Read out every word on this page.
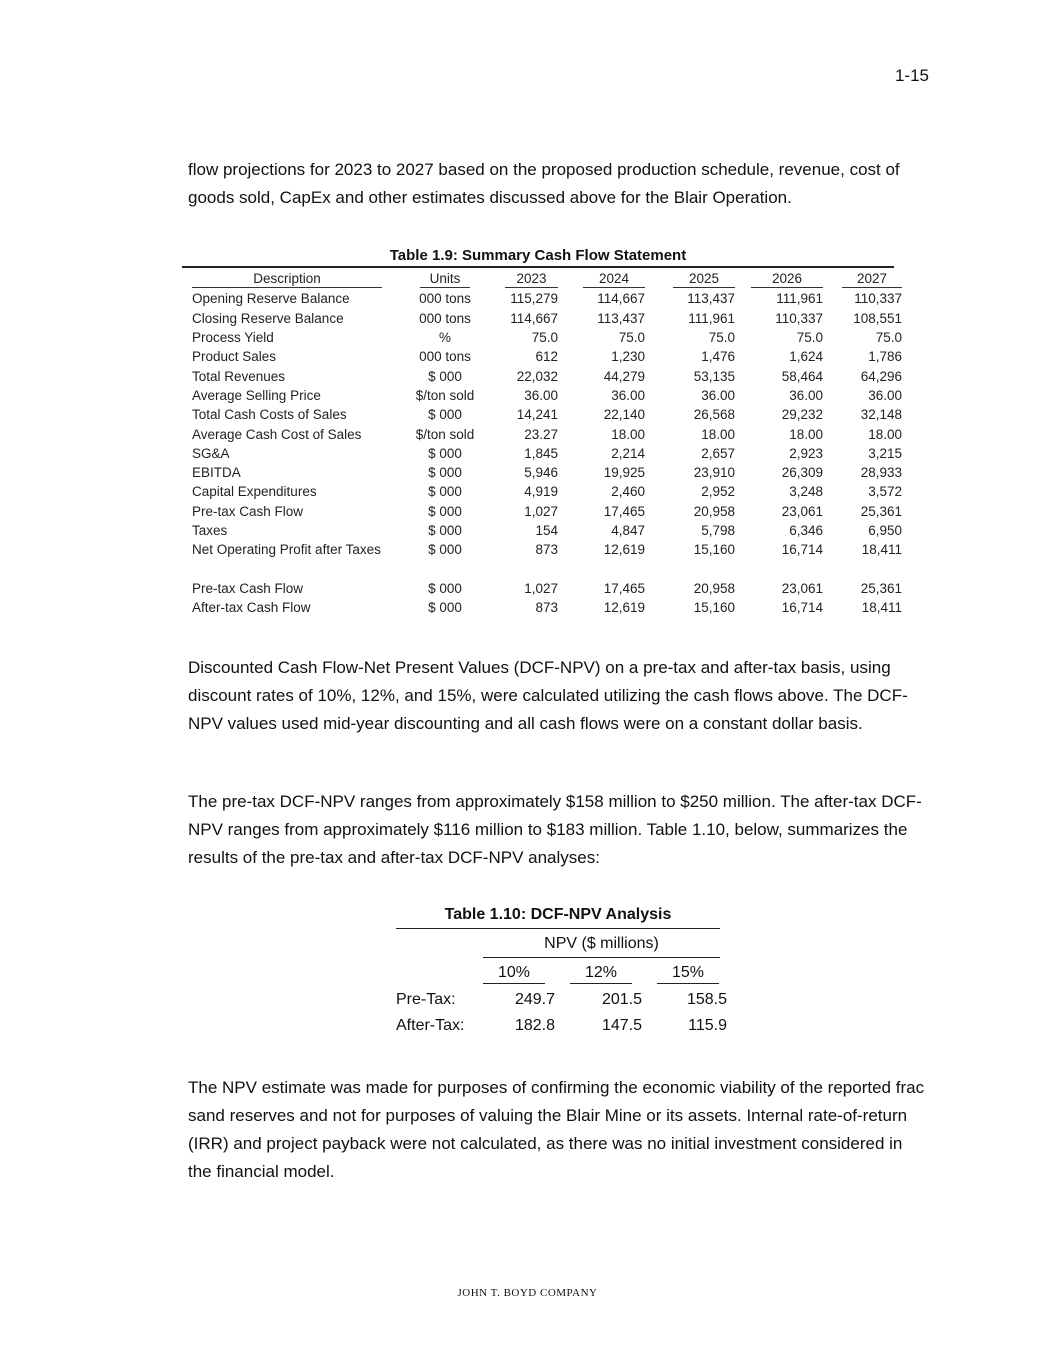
1-15
flow projections for 2023 to 2027 based on the proposed production schedule, revenue, cost of goods sold, CapEx and other estimates discussed above for the Blair Operation.
Table 1.9: Summary Cash Flow Statement
Description	Units	2023	2024	2025	2026	2027
Opening Reserve Balance	000 tons	115,279	114,667	113,437	111,961	110,337
Closing Reserve Balance	000 tons	114,667	113,437	111,961	110,337	108,551
Process Yield	%	75.0	75.0	75.0	75.0	75.0
Product Sales	000 tons	612	1,230	1,476	1,624	1,786
Total Revenues	$ 000	22,032	44,279	53,135	58,464	64,296
Average Selling Price	$/ton sold	36.00	36.00	36.00	36.00	36.00
Total Cash Costs of Sales	$ 000	14,241	22,140	26,568	29,232	32,148
Average Cash Cost of Sales	$/ton sold	23.27	18.00	18.00	18.00	18.00
SG&A	$ 000	1,845	2,214	2,657	2,923	3,215
EBITDA	$ 000	5,946	19,925	23,910	26,309	28,933
Capital Expenditures	$ 000	4,919	2,460	2,952	3,248	3,572
Pre-tax Cash Flow	$ 000	1,027	17,465	20,958	23,061	25,361
Taxes	$ 000	154	4,847	5,798	6,346	6,950
Net Operating Profit after Taxes	$ 000	873	12,619	15,160	16,714	18,411

Pre-tax Cash Flow	$ 000	1,027	17,465	20,958	23,061	25,361
After-tax Cash Flow	$ 000	873	12,619	15,160	16,714	18,411
Discounted Cash Flow-Net Present Values (DCF-NPV) on a pre-tax and after-tax basis, using discount rates of 10%, 12%, and 15%, were calculated utilizing the cash flows above. The DCF-NPV values used mid-year discounting and all cash flows were on a constant dollar basis.
The pre-tax DCF-NPV ranges from approximately $158 million to $250 million. The after-tax DCF-NPV ranges from approximately $116 million to $183 million. Table 1.10, below, summarizes the results of the pre-tax and after-tax DCF-NPV analyses:
Table 1.10: DCF-NPV Analysis
NPV ($ millions)
10%	12%	15%
Pre-Tax:	249.7	201.5	158.5
After-Tax:	182.8	147.5	115.9
The NPV estimate was made for purposes of confirming the economic viability of the reported frac sand reserves and not for purposes of valuing the Blair Mine or its assets. Internal rate-of-return (IRR) and project payback were not calculated, as there was no initial investment considered in the financial model.
JOHN T. BOYD COMPANY
